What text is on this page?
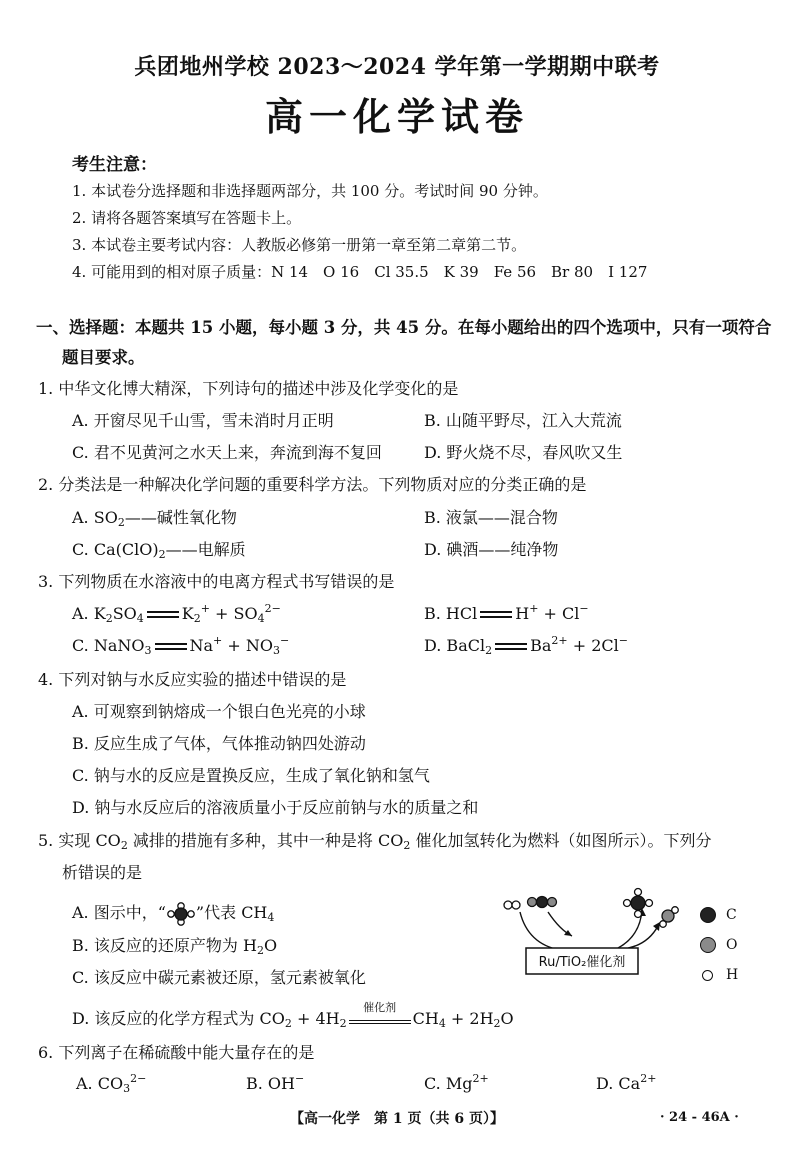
兵团地州学校 2023～2024 学年第一学期期中联考
高一化学试卷
考生注意：
1. 本试卷分选择题和非选择题两部分，共 100 分。考试时间 90 分钟。
2. 请将各题答案填写在答题卡上。
3. 本试卷主要考试内容：人教版必修第一册第一章至第二章第二节。
4. 可能用到的相对原子质量：N 14　O 16　Cl 35.5　K 39　Fe 56　Br 80　I 127
一、选择题：本题共 15 小题，每小题 3 分，共 45 分。在每小题给出的四个选项中，只有一项符合
题目要求。
1. 中华文化博大精深，下列诗句的描述中涉及化学变化的是
A. 开窗尽见千山雪，雪未消时月正明	B. 山随平野尽，江入大荒流
C. 君不见黄河之水天上来，奔流到海不复回	D. 野火烧不尽，春风吹又生
2. 分类法是一种解决化学问题的重要科学方法。下列物质对应的分类正确的是
A. $SO_2——$碱性氧化物	B. 液氯——混合物
C. $Ca(ClO)_2——$电解质	D. 碘酒——纯净物
3. 下列物质在水溶液中的电离方程式书写错误的是
A. $K_2SO_4$ $K_2^+ + SO_4^{2-}$	B. HCl H+ + Cl−
C. NaNO$_3$ $Na^+ + NO_3^-$	D. BaCl$_2$ $Ba^{2+} + 2Cl^-$
4. 下列对钠与水反应实验的描述中错误的是
A. 可观察到钠熔成一个银白色光亮的小球
B. 反应生成了气体，气体推动钠四处游动
C. 钠与水的反应是置换反应，生成了氧化钠和氢气
D. 钠与水反应后的溶液质量小于反应前钠与水的质量之和
5. 实现 $CO_2$ 减排的措施有多种，其中一种是将 $CO_2$ 催化加氢转化为燃料（如图所示）。下列分
析错误的是
A. 图示中，“ ”代表 $CH_4$
B. 该反应的还原产物为 $H_2O$
C. 该反应中碳元素被还原，氢元素被氧化
D. 该反应的化学方程式为 $CO_2 + 4H_2$
催化剂
$CH_4 + 2H_2O$
Ru/TiO₂催化剂
C
O
H
6. 下列离子在稀硫酸中能大量存在的是
A. $CO_3^{2-}$	B. OH−	C. $Mg^{2+}$	D. $Ca^{2+}$
【高一化学　第 1 页（共 6 页）】	· 24 - 46A ·
